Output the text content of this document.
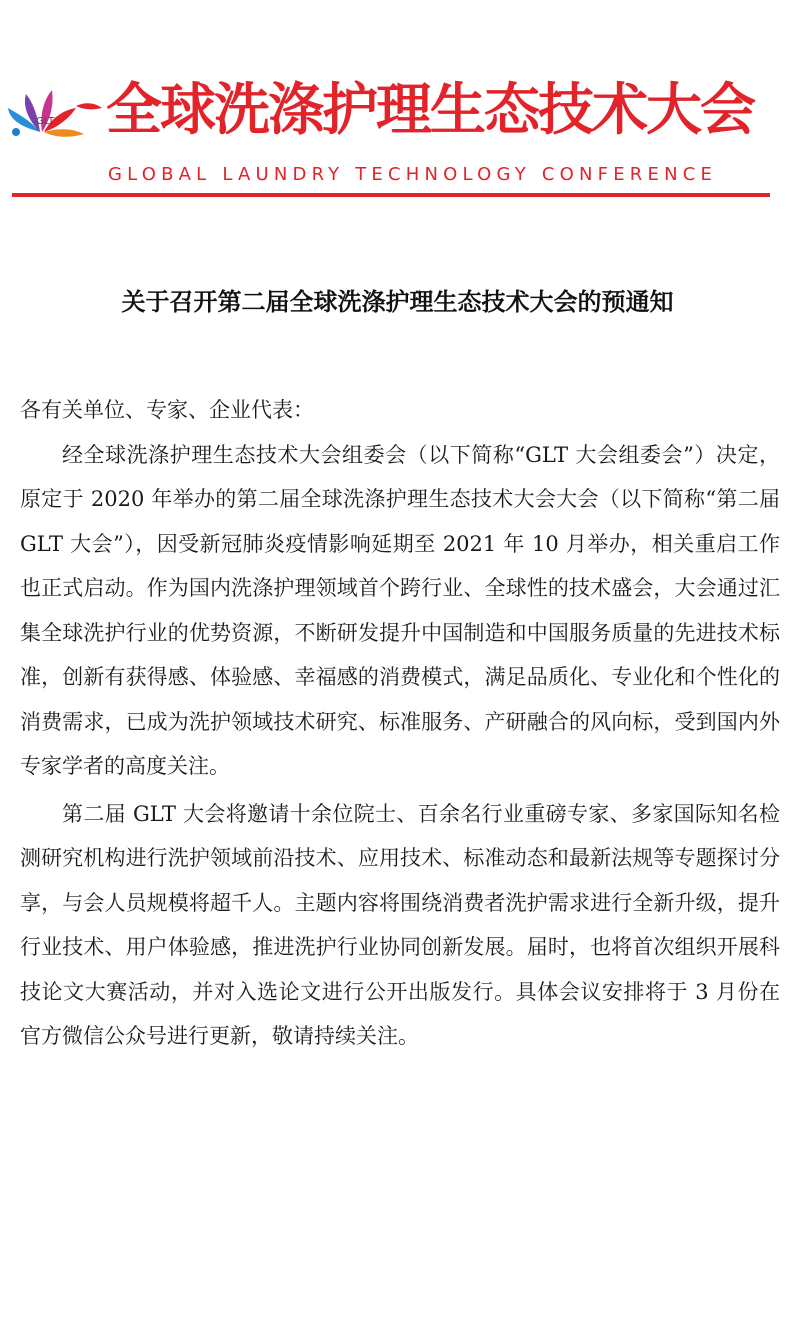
GLT 全球洗涤护理生态技术大会
GLOBAL LAUNDRY TECHNOLOGY CONFERENCE
关于召开第二届全球洗涤护理生态技术大会的预通知

各有关单位、专家、企业代表：

经全球洗涤护理生态技术大会组委会（以下简称“GLT 大会组委会”）决定，原定于 2020 年举办的第二届全球洗涤护理生态技术大会大会（以下简称“第二届 GLT 大会”），因受新冠肺炎疫情影响延期至 2021 年 10 月举办，相关重启工作也正式启动。作为国内洗涤护理领域首个跨行业、全球性的技术盛会，大会通过汇集全球洗护行业的优势资源，不断研发提升中国制造和中国服务质量的先进技术标准，创新有获得感、体验感、幸福感的消费模式，满足品质化、专业化和个性化的消费需求，已成为洗护领域技术研究、标准服务、产研融合的风向标，受到国内外专家学者的高度关注。

第二届 GLT 大会将邀请十余位院士、百余名行业重磅专家、多家国际知名检测研究机构进行洗护领域前沿技术、应用技术、标准动态和最新法规等专题探讨分享，与会人员规模将超千人。主题内容将围绕消费者洗护需求进行全新升级，提升行业技术、用户体验感，推进洗护行业协同创新发展。届时，也将首次组织开展科技论文大赛活动，并对入选论文进行公开出版发行。具体会议安排将于 3 月份在官方微信公众号进行更新，敬请持续关注。
